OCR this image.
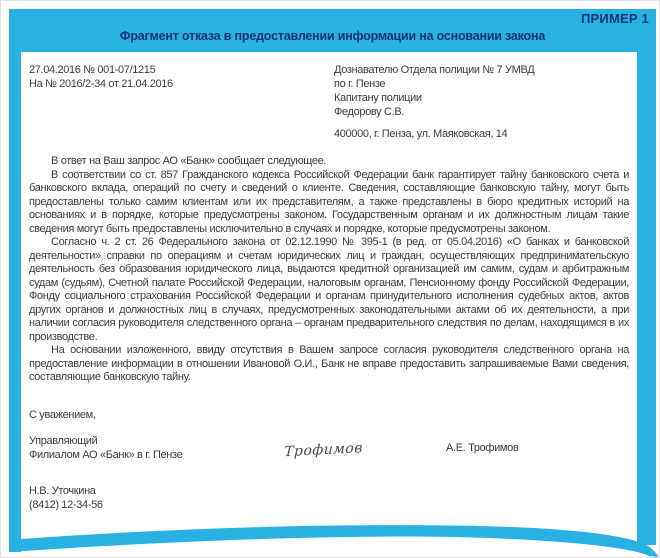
ПРИМЕР 1
Фрагмент отказа в предоставлении информации на основании закона
27.04.2016 № 001-07/1215
На № 2016/2-34 от 21.04.2016
Дознавателю Отдела полиции № 7 УМВД
по г. Пензе
Капитану полиции
Федорову С.В.
400000, г. Пенза, ул. Маяковская, 14

В ответ на Ваш запрос АО «Банк» сообщает следующее.

В соответствии со ст. 857 Гражданского кодекса Российской Федерации банк гарантирует тайну банковского счета и банковского вклада, операций по счету и сведений о клиенте. Сведения, составляющие банковскую тайну, могут быть предоставлены только самим клиентам или их представителям, а также представлены в бюро кредитных историй на основаниях и в порядке, которые предусмотрены законом. Государственным органам и их должностным лицам такие сведения могут быть предоставлены исключительно в случаях и порядке, которые предусмотрены законом.

Согласно ч. 2 ст. 26 Федерального закона от 02.12.1990 № 395-1 (в ред. от 05.04.2016) «О банках и банковской деятельности» справки по операциям и счетам юридических лиц и граждан, осуществляющих предпринимательскую деятельность без образования юридического лица, выдаются кредитной организацией им самим, судам и арбитражным судам (судьям), Счетной палате Российской Федерации, налоговым органам, Пенсионному фонду Российской Федерации, Фонду социального страхования Российской Федерации и органам принудительного исполнения судебных актов, актов других органов и должностных лиц в случаях, предусмотренных законодательными актами об их деятельности, а при наличии согласия руководителя следственного органа – органам предварительного следствия по делам, находящимся в их производстве.

На основании изложенного, ввиду отсутствия в Вашем запросе согласия руководителя следственного органа на предоставление информации в отношении Ивановой О.И., Банк не вправе предоставить запрашиваемые Вами сведения, составляющие банковскую тайну.

С уважением,
Управляющий
Филиалом АО «Банк» в г. Пензе	Трофимов	А.Е. Трофимов
Н.В. Уточкина
(8412) 12-34-56
